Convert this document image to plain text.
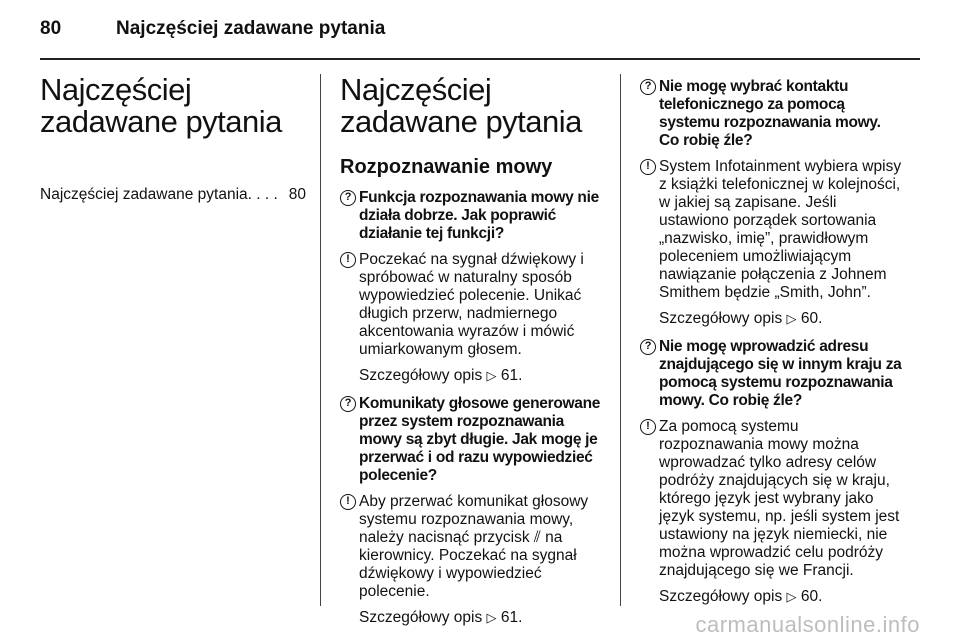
80	Najczęściej zadawane pytania
Najczęściej zadawane pytania
Najczęściej zadawane pytania . . . . 80
Najczęściej zadawane pytania
Rozpoznawanie mowy
? Funkcja rozpoznawania mowy nie działa dobrze. Jak poprawić działanie tej funkcji?
! Poczekać na sygnał dźwiękowy i spróbować w naturalny sposób wypowiedzieć polecenie. Unikać długich przerw, nadmiernego akcentowania wyrazów i mówić umiarkowanym głosem.
Szczegółowy opis ▷ 61.
? Komunikaty głosowe generowane przez system rozpoznawania mowy są zbyt długie. Jak mogę je przerwać i od razu wypowiedzieć polecenie?
! Aby przerwać komunikat głosowy systemu rozpoznawania mowy, należy nacisnąć przycisk ⫽ na kierownicy. Poczekać na sygnał dźwiękowy i wypowiedzieć polecenie.
Szczegółowy opis ▷ 61.
? Nie mogę wybrać kontaktu telefonicznego za pomocą systemu rozpoznawania mowy. Co robię źle?
! System Infotainment wybiera wpisy z książki telefonicznej w kolejności, w jakiej są zapisane. Jeśli ustawiono porządek sortowania „nazwisko, imię”, prawidłowym poleceniem umożliwiającym nawiązanie połączenia z Johnem Smithem będzie „Smith, John”.
Szczegółowy opis ▷ 60.
? Nie mogę wprowadzić adresu znajdującego się w innym kraju za pomocą systemu rozpoznawania mowy. Co robię źle?
! Za pomocą systemu rozpoznawania mowy można wprowadzać tylko adresy celów podróży znajdujących się w kraju, którego język jest wybrany jako język systemu, np. jeśli system jest ustawiony na język niemiecki, nie można wprowadzić celu podróży znajdującego się we Francji.
Szczegółowy opis ▷ 60.
carmanualsonline.info
